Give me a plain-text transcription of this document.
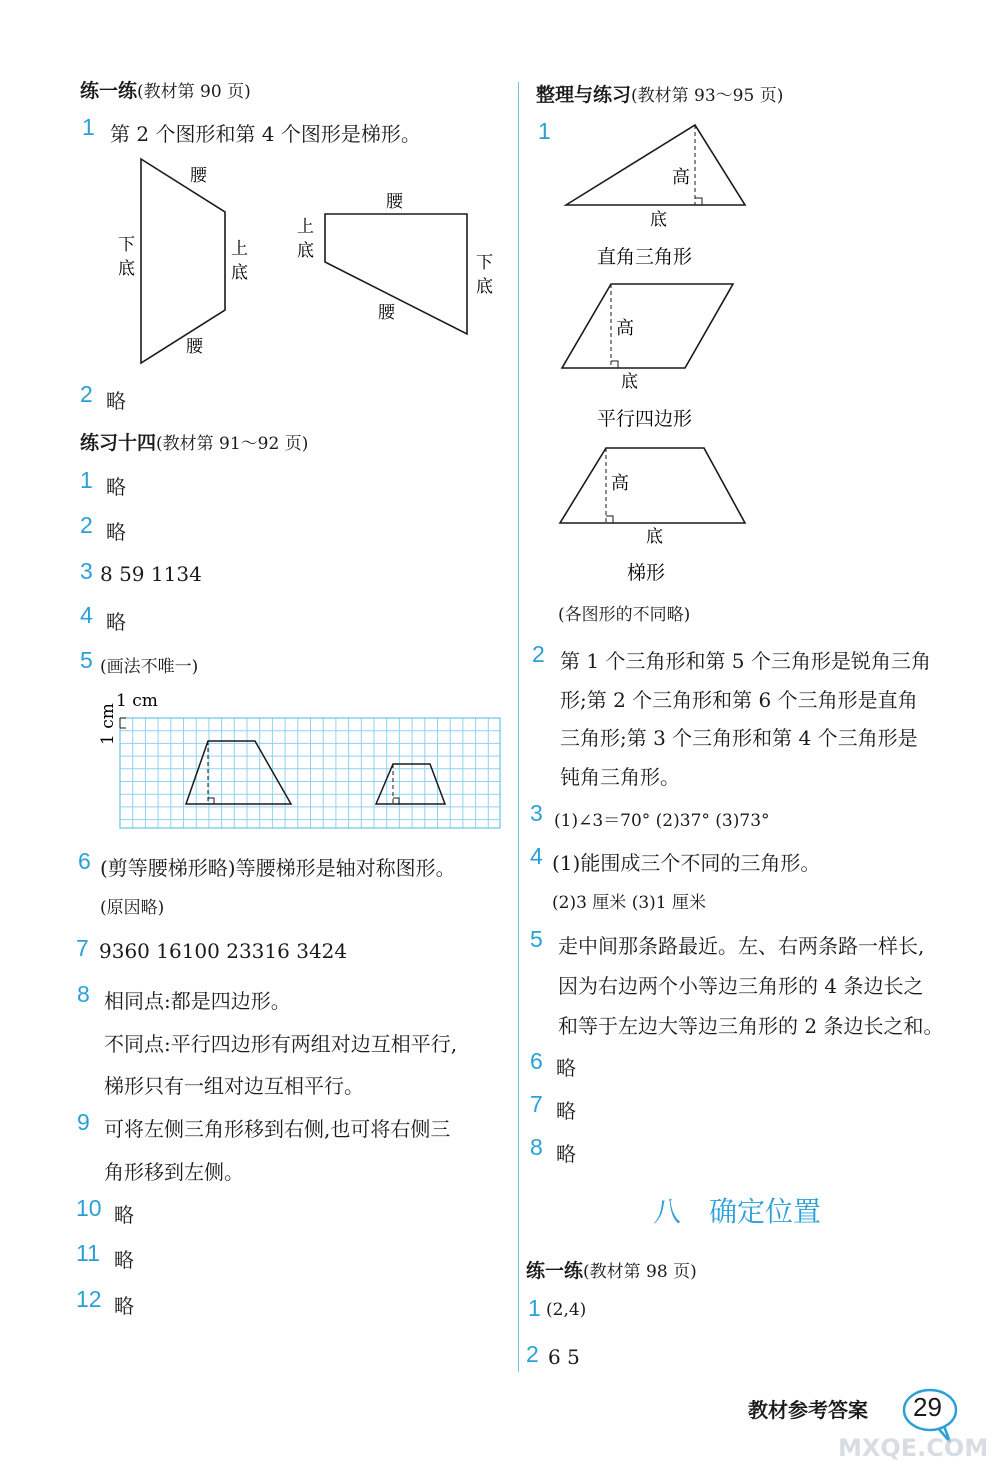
练一练(教材第 90 页)
1 第 2 个图形和第 4 个图形是梯形。
腰
腰
下
底
上
底
腰
腰
上
底
下
底
2 略
练习十四(教材第 91～92 页)
1 略
2 略
3 8 59 1134
4 略
5 (画法不唯一)
1 cm
1 cm
6 (剪等腰梯形略)等腰梯形是轴对称图形。
(原因略)
7 9360 16100 23316 3424
8 相同点:都是四边形。
不同点:平行四边形有两组对边互相平行,
梯形只有一组对边互相平行。
9 可将左侧三角形移到右侧,也可将右侧三
角形移到左侧。
10 略
11 略
12 略
整理与练习(教材第 93～95 页)
1
高
底
直角三角形
高
底
平行四边形
高
底
梯形
(各图形的不同略)
2 第 1 个三角形和第 5 个三角形是锐角三角
形;第 2 个三角形和第 6 个三角形是直角
三角形;第 3 个三角形和第 4 个三角形是
钝角三角形。
3 (1)∠3＝70° (2)37° (3)73°
4 (1)能围成三个不同的三角形。
(2)3 厘米 (3)1 厘米
5 走中间那条路最近。左、右两条路一样长,
因为右边两个小等边三角形的 4 条边长之
和等于左边大等边三角形的 2 条边长之和。
6 略
7 略
8 略
八 确定位置
练一练(教材第 98 页)
1 (2,4)
2 6 5
教材参考答案 29
MXQE.COM
